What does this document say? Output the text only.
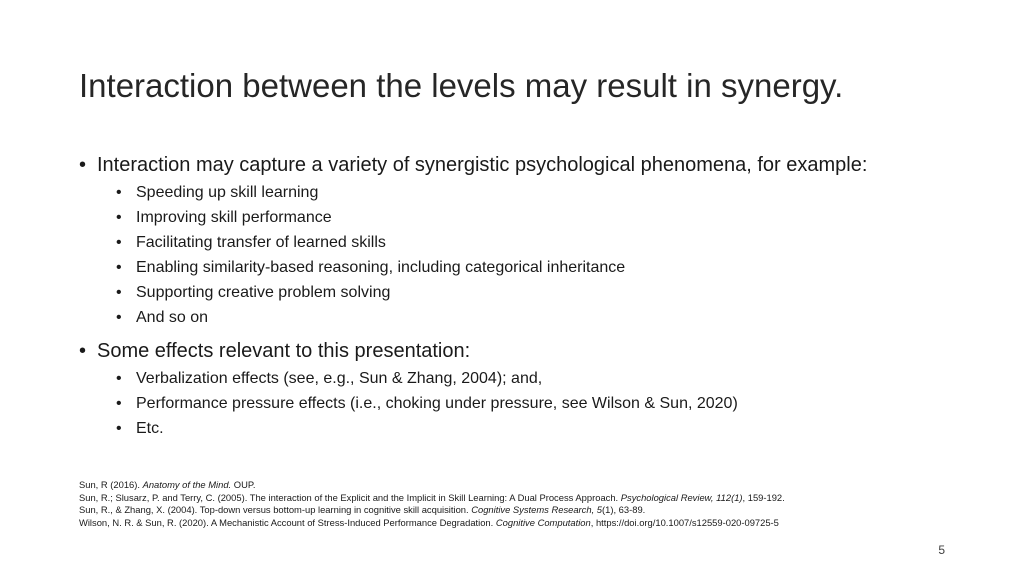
Interaction between the levels may result in synergy.
• Interaction may capture a variety of synergistic psychological phenomena, for example:
• Speeding up skill learning
• Improving skill performance
• Facilitating transfer of learned skills
• Enabling similarity-based reasoning, including categorical inheritance
• Supporting creative problem solving
• And so on
• Some effects relevant to this presentation:
• Verbalization effects (see, e.g., Sun & Zhang, 2004); and,
• Performance pressure effects (i.e., choking under pressure, see Wilson & Sun, 2020)
• Etc.
Sun, R (2016). Anatomy of the Mind. OUP.
Sun, R.; Slusarz, P. and Terry, C. (2005). The interaction of the Explicit and the Implicit in Skill Learning: A Dual Process Approach. Psychological Review, 112(1), 159-192.
Sun, R., & Zhang, X. (2004). Top-down versus bottom-up learning in cognitive skill acquisition. Cognitive Systems Research, 5(1), 63-89.
Wilson, N. R. & Sun, R. (2020). A Mechanistic Account of Stress-Induced Performance Degradation. Cognitive Computation, https://doi.org/10.1007/s12559-020-09725-5
5
